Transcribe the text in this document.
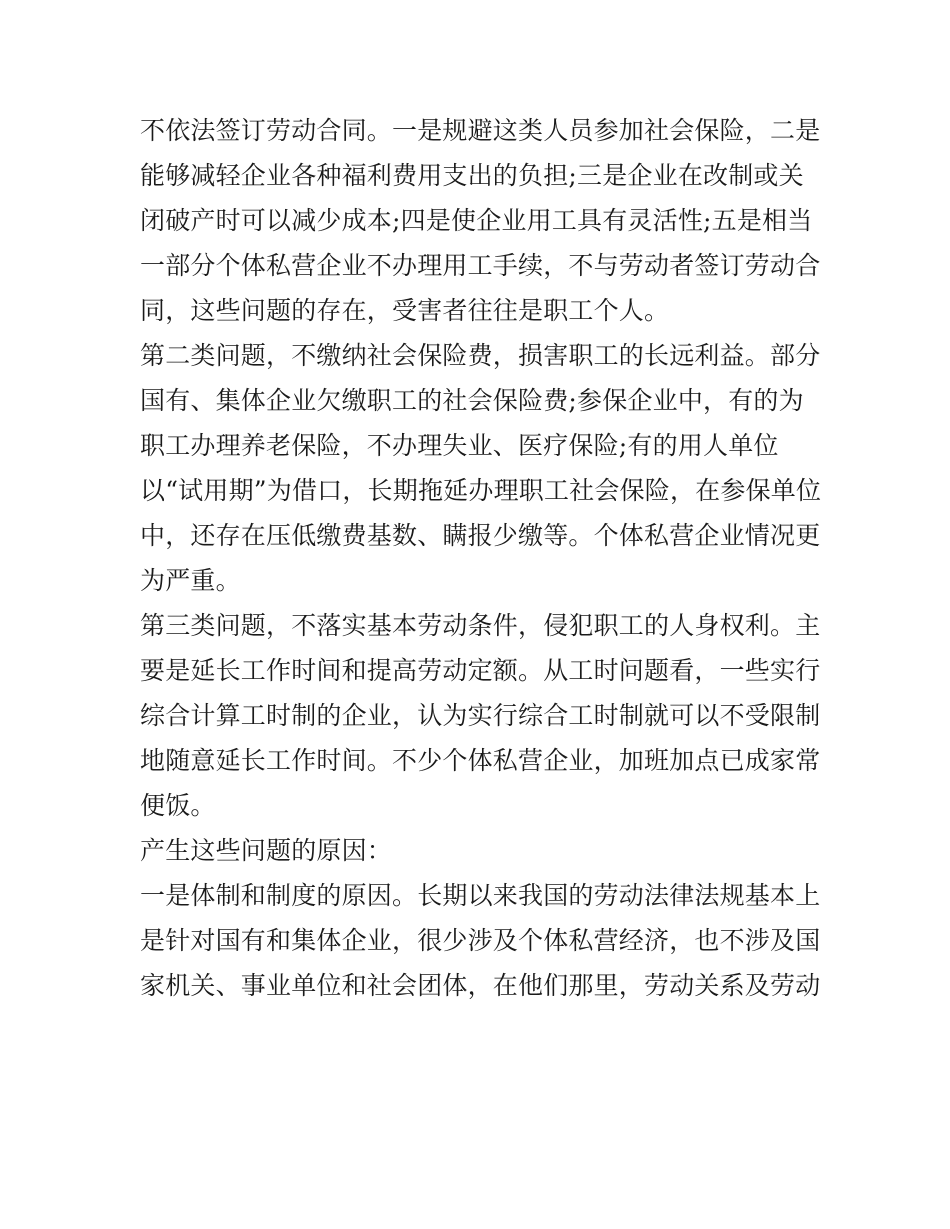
不依法签订劳动合同。一是规避这类人员参加社会保险，二是
能够减轻企业各种福利费用支出的负担;三是企业在改制或关
闭破产时可以减少成本;四是使企业用工具有灵活性;五是相当
一部分个体私营企业不办理用工手续，不与劳动者签订劳动合
同，这些问题的存在，受害者往往是职工个人。
第二类问题，不缴纳社会保险费，损害职工的长远利益。部分
国有、集体企业欠缴职工的社会保险费;参保企业中，有的为
职工办理养老保险，不办理失业、医疗保险;有的用人单位
以“试用期”为借口，长期拖延办理职工社会保险，在参保单位
中，还存在压低缴费基数、瞒报少缴等。个体私营企业情况更
为严重。
第三类问题，不落实基本劳动条件，侵犯职工的人身权利。主
要是延长工作时间和提高劳动定额。从工时问题看，一些实行
综合计算工时制的企业，认为实行综合工时制就可以不受限制
地随意延长工作时间。不少个体私营企业，加班加点已成家常
便饭。
产生这些问题的原因：
一是体制和制度的原因。长期以来我国的劳动法律法规基本上
是针对国有和集体企业，很少涉及个体私营经济，也不涉及国
家机关、事业单位和社会团体，在他们那里，劳动关系及劳动
